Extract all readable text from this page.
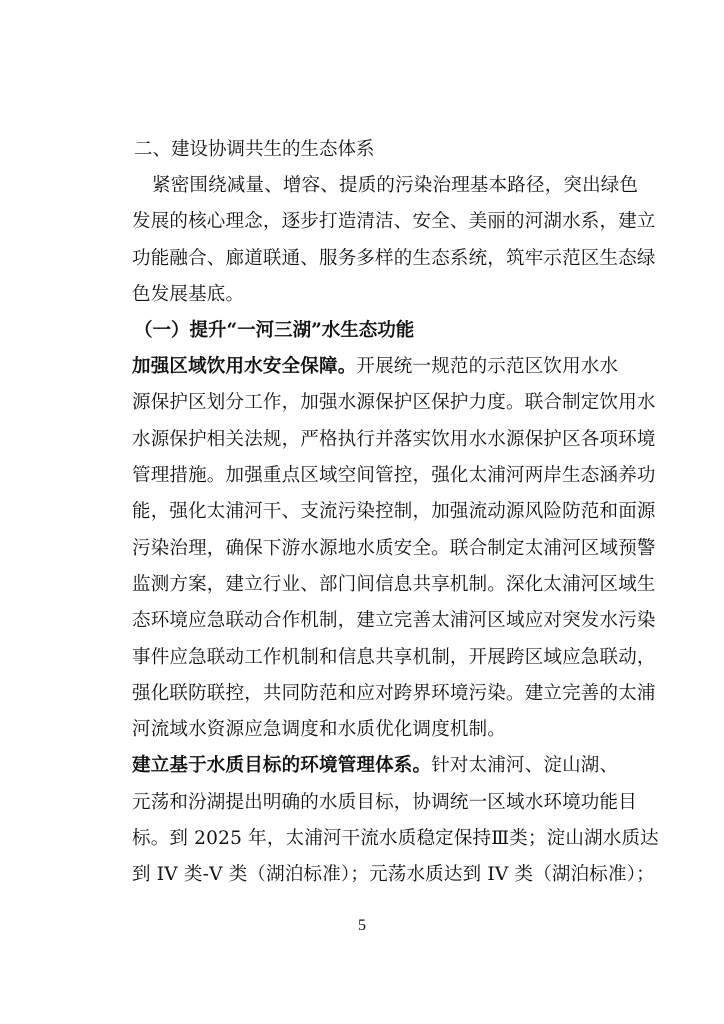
二、建设协调共生的生态体系
紧密围绕减量、增容、提质的污染治理基本路径，突出绿色
发展的核心理念，逐步打造清洁、安全、美丽的河湖水系，建立
功能融合、廊道联通、服务多样的生态系统，筑牢示范区生态绿
色发展基底。
（一）提升“一河三湖”水生态功能
加强区域饮用水安全保障。开展统一规范的示范区饮用水水
源保护区划分工作，加强水源保护区保护力度。联合制定饮用水
水源保护相关法规，严格执行并落实饮用水水源保护区各项环境
管理措施。加强重点区域空间管控，强化太浦河两岸生态涵养功
能，强化太浦河干、支流污染控制，加强流动源风险防范和面源
污染治理，确保下游水源地水质安全。联合制定太浦河区域预警
监测方案，建立行业、部门间信息共享机制。深化太浦河区域生
态环境应急联动合作机制，建立完善太浦河区域应对突发水污染
事件应急联动工作机制和信息共享机制，开展跨区域应急联动，
强化联防联控，共同防范和应对跨界环境污染。建立完善的太浦
河流域水资源应急调度和水质优化调度机制。
建立基于水质目标的环境管理体系。针对太浦河、淀山湖、
元荡和汾湖提出明确的水质目标，协调统一区域水环境功能目
标。到 2025 年，太浦河干流水质稳定保持Ⅲ类；淀山湖水质达
到 IV 类-V 类（湖泊标准）；元荡水质达到 IV 类（湖泊标准）；
5
